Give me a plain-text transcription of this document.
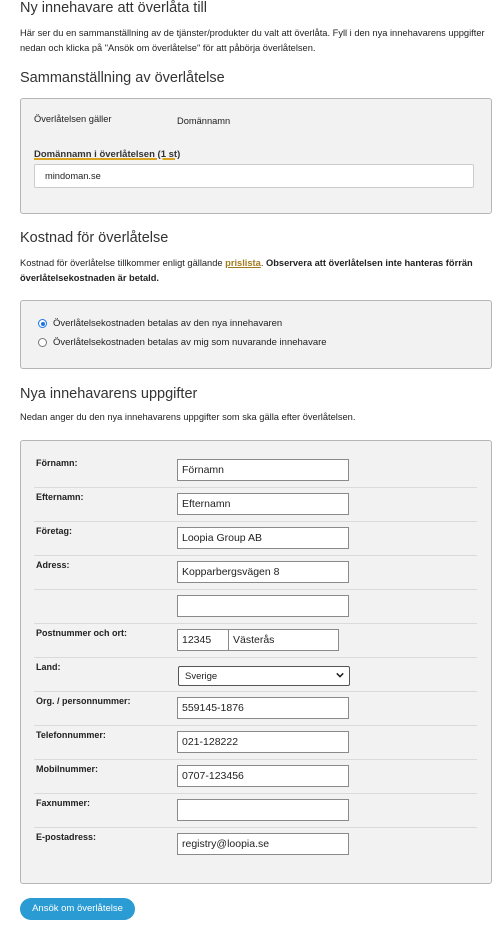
Ny innehavare att överlåta till
Här ser du en sammanställning av de tjänster/produkter du valt att överlåta. Fyll i den nya innehavarens uppgifter nedan och klicka på "Ansök om överlåtelse" för att påbörja överlåtelsen.
Sammanställning av överlåtelse
Överlåtelsen gäller	Domännamn
Domännamn i överlåtelsen (1 st)
mindoman.se
Kostnad för överlåtelse
Kostnad för överlåtelse tillkommer enligt gällande prislista. Observera att överlåtelsen inte hanteras förrän överlåtelsekostnaden är betald.
Överlåtelsekostnaden betalas av den nya innehavaren
Överlåtelsekostnaden betalas av mig som nuvarande innehavare
Nya innehavarens uppgifter
Nedan anger du den nya innehavarens uppgifter som ska gälla efter överlåtelsen.
Förnamn:
Förnamn
Efternamn:
Efternamn
Företag:
Loopia Group AB
Adress:
Kopparbergsvägen 8
Postnummer och ort:
12345	Västerås
Land:
Sverige
Org. / personnummer:
559145-1876
Telefonnummer:
021-128222
Mobilnummer:
0707-123456
Faxnummer:
E-postadress:
registry@loopia.se
Ansök om överlåtelse
